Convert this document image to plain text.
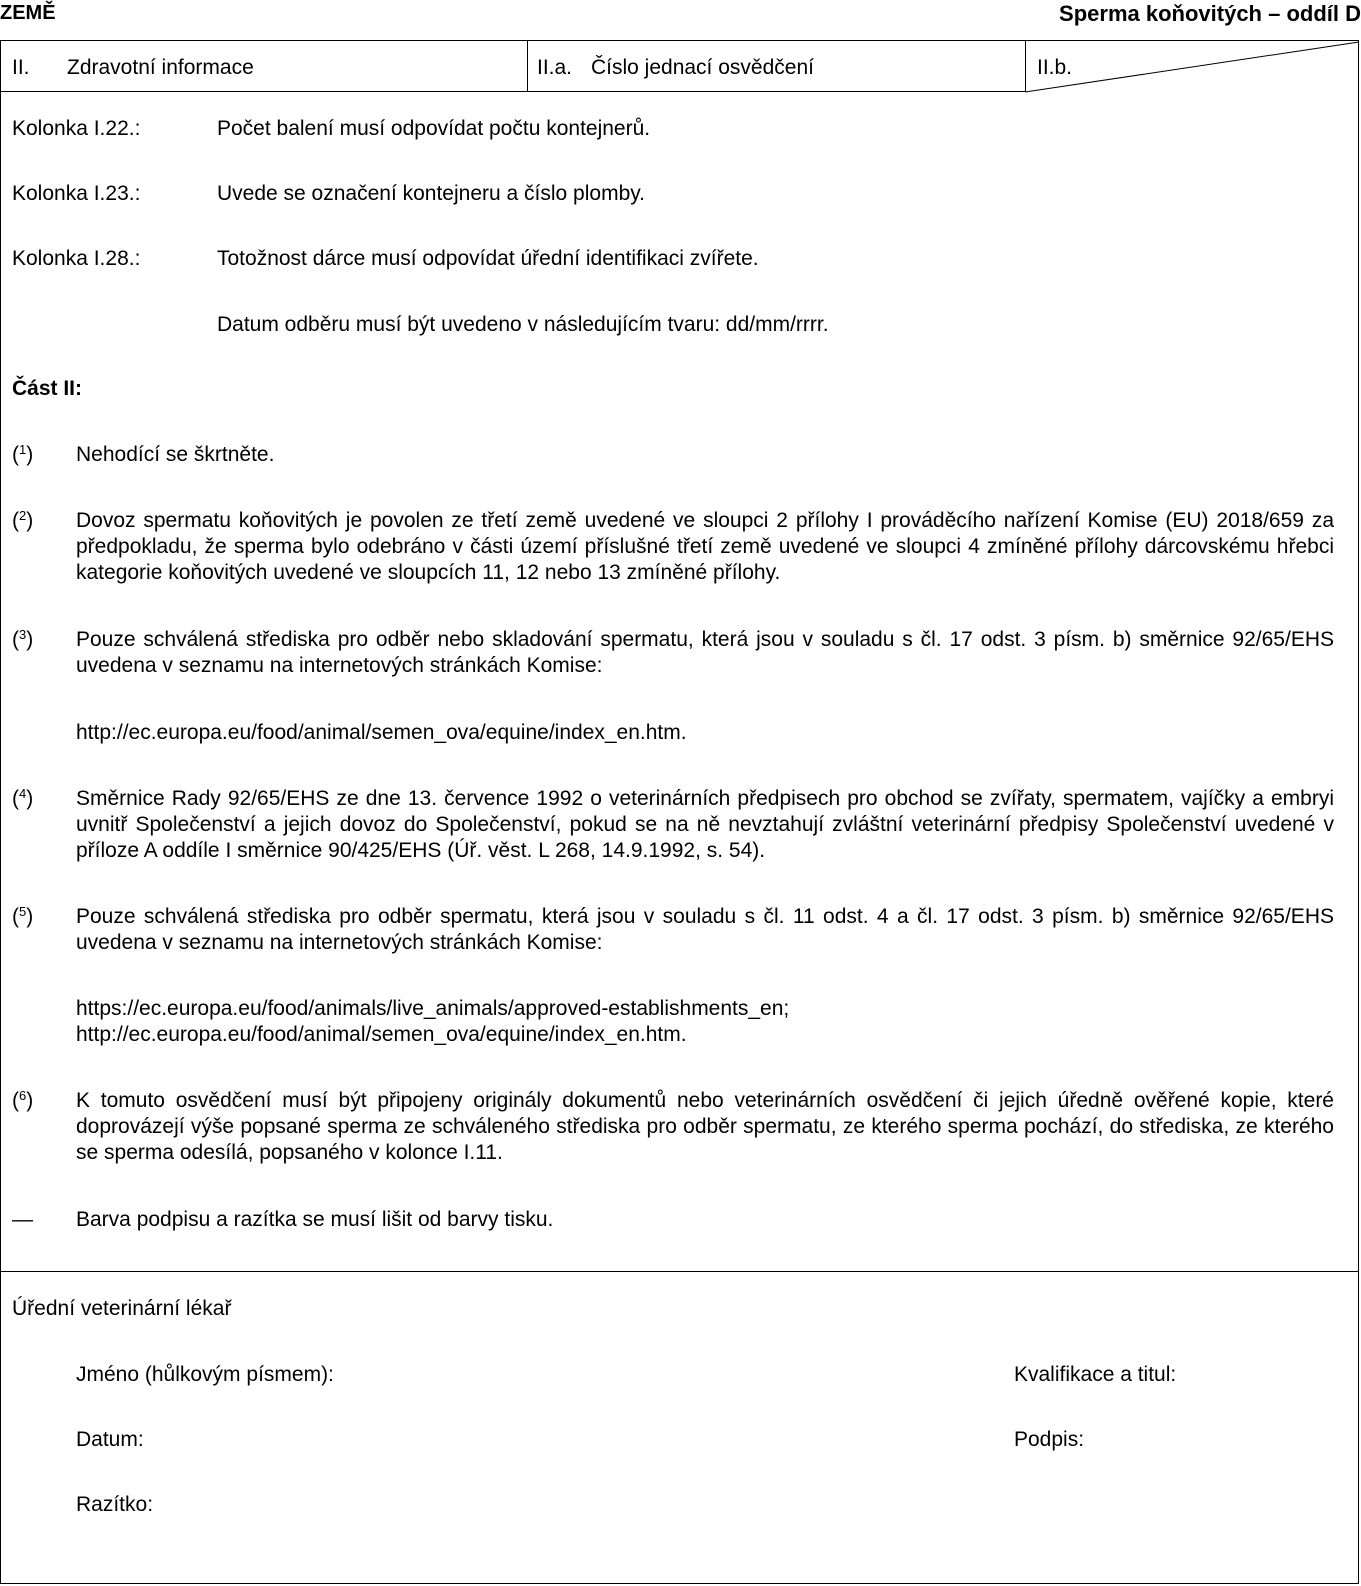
ZEMĚ	Sperma koňovitých – oddíl D
II. Zdravotní informace	II.a. Číslo jednací osvědčení	II.b.
Kolonka I.22.:	Počet balení musí odpovídat počtu kontejnerů.
Kolonka I.23.:	Uvede se označení kontejneru a číslo plomby.
Kolonka I.28.:	Totožnost dárce musí odpovídat úřední identifikaci zvířete.
Datum odběru musí být uvedeno v následujícím tvaru: dd/mm/rrrr.
Část II:
($^1$) Nehodící se škrtněte.
($^2$) Dovoz spermatu koňovitých je povolen ze třetí země uvedené ve sloupci 2 přílohy I prováděcího nařízení Komise (EU) 2018/659 za předpokladu, že sperma bylo odebráno v části území příslušné třetí země uvedené ve sloupci 4 zmíněné přílohy dárcovskému hřebci kategorie koňovitých uvedené ve sloupcích 11, 12 nebo 13 zmíněné přílohy.
($^3$) Pouze schválená střediska pro odběr nebo skladování spermatu, která jsou v souladu s čl. 17 odst. 3 písm. b) směrnice 92/65/EHS uvedena v seznamu na internetových stránkách Komise:
http://ec.europa.eu/food/animal/semen_ova/equine/index_en.htm.
($^4$) Směrnice Rady 92/65/EHS ze dne 13. července 1992 o veterinárních předpisech pro obchod se zvířaty, spermatem, vajíčky a embryi uvnitř Společenství a jejich dovoz do Společenství, pokud se na ně nevztahují zvláštní veterinární předpisy Společenství uvedené v příloze A oddíle I směrnice 90/425/EHS (Úř. věst. L 268, 14.9.1992, s. 54).
($^5$) Pouze schválená střediska pro odběr spermatu, která jsou v souladu s čl. 11 odst. 4 a čl. 17 odst. 3 písm. b) směrnice 92/65/EHS uvedena v seznamu na internetových stránkách Komise:
https://ec.europa.eu/food/animals/live_animals/approved-establishments_en;
http://ec.europa.eu/food/animal/semen_ova/equine/index_en.htm.
($^6$) K tomuto osvědčení musí být připojeny originály dokumentů nebo veterinárních osvědčení či jejich úředně ověřené kopie, které doprovázejí výše popsané sperma ze schváleného střediska pro odběr spermatu, ze kterého sperma pochází, do střediska, ze kterého se sperma odesílá, popsaného v kolonce I.11.
— Barva podpisu a razítka se musí lišit od barvy tisku.
Úřední veterinární lékař
Jméno (hůlkovým písmem):	Kvalifikace a titul:
Datum:	Podpis:
Razítko:
